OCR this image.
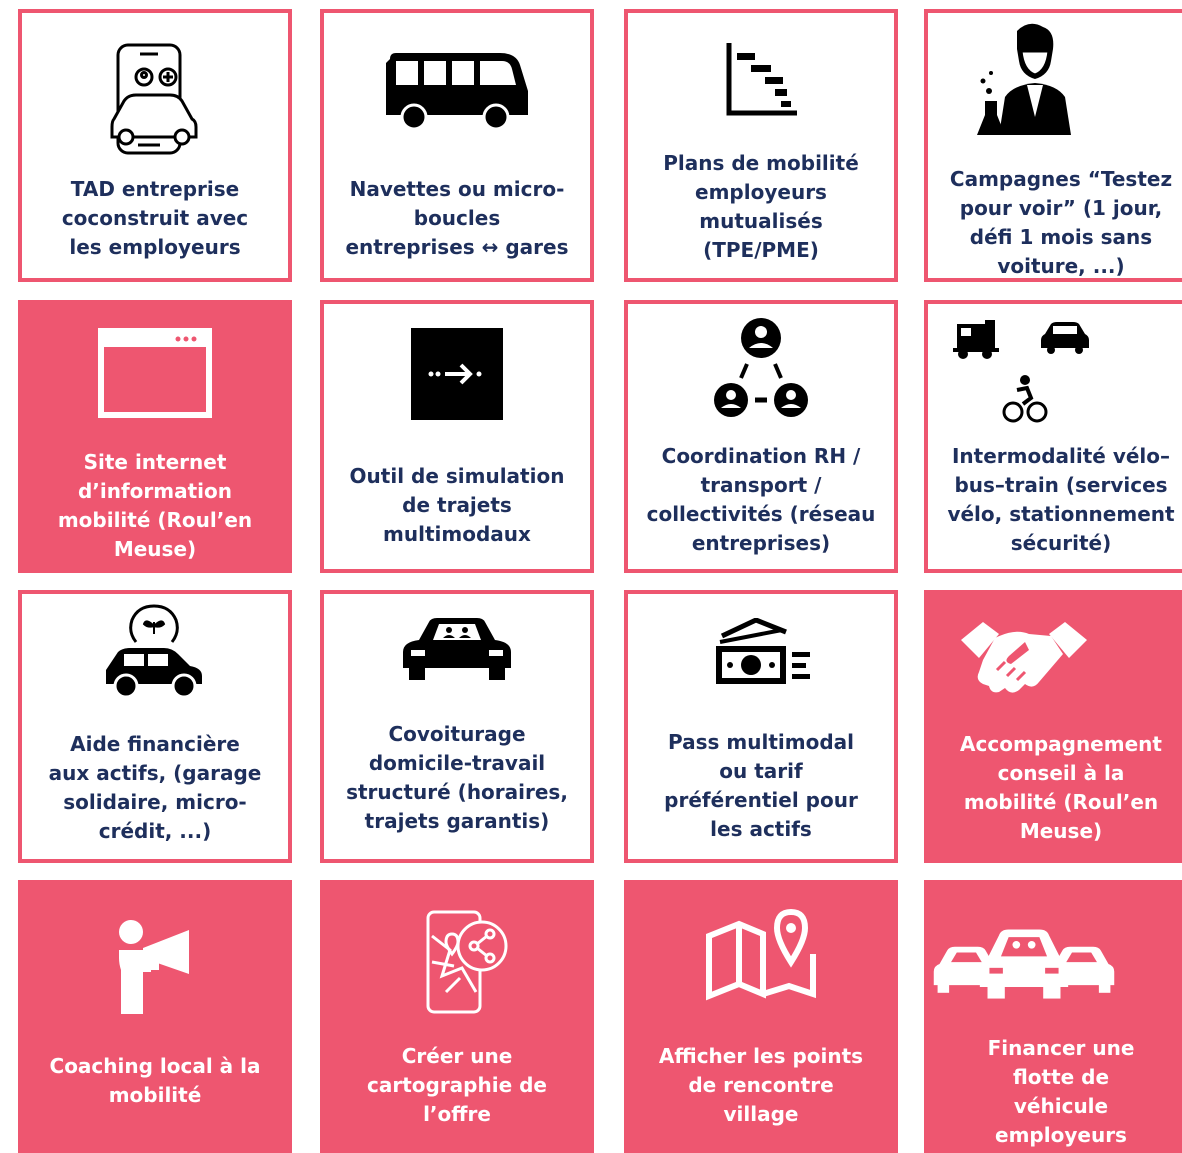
TAD entreprise
coconstruit avec
les employeurs
Navettes ou micro-
boucles
entreprises ↔ gares
Plans de mobilité
employeurs
mutualisés
(TPE/PME)
Campagnes “Testez
pour voir” (1 jour,
défi 1 mois sans
voiture, ...)
Site internet
d’information
mobilité (Roul’en
Meuse)
Outil de simulation
de trajets
multimodaux
Coordination RH /
transport /
collectivités (réseau
entreprises)
Intermodalité vélo–
bus–train (services
vélo, stationnement
sécurité)
Aide financière
aux actifs, (garage
solidaire, micro-
crédit, ...)
Covoiturage
domicile-travail
structuré (horaires,
trajets garantis)
Pass multimodal
ou tarif
préférentiel pour
les actifs
Accompagnement
conseil à la
mobilité (Roul’en
Meuse)
Coaching local à la
mobilité
Créer une
cartographie de
l’offre
Afficher les points
de rencontre
village
Financer une
flotte de
véhicule
employeurs
